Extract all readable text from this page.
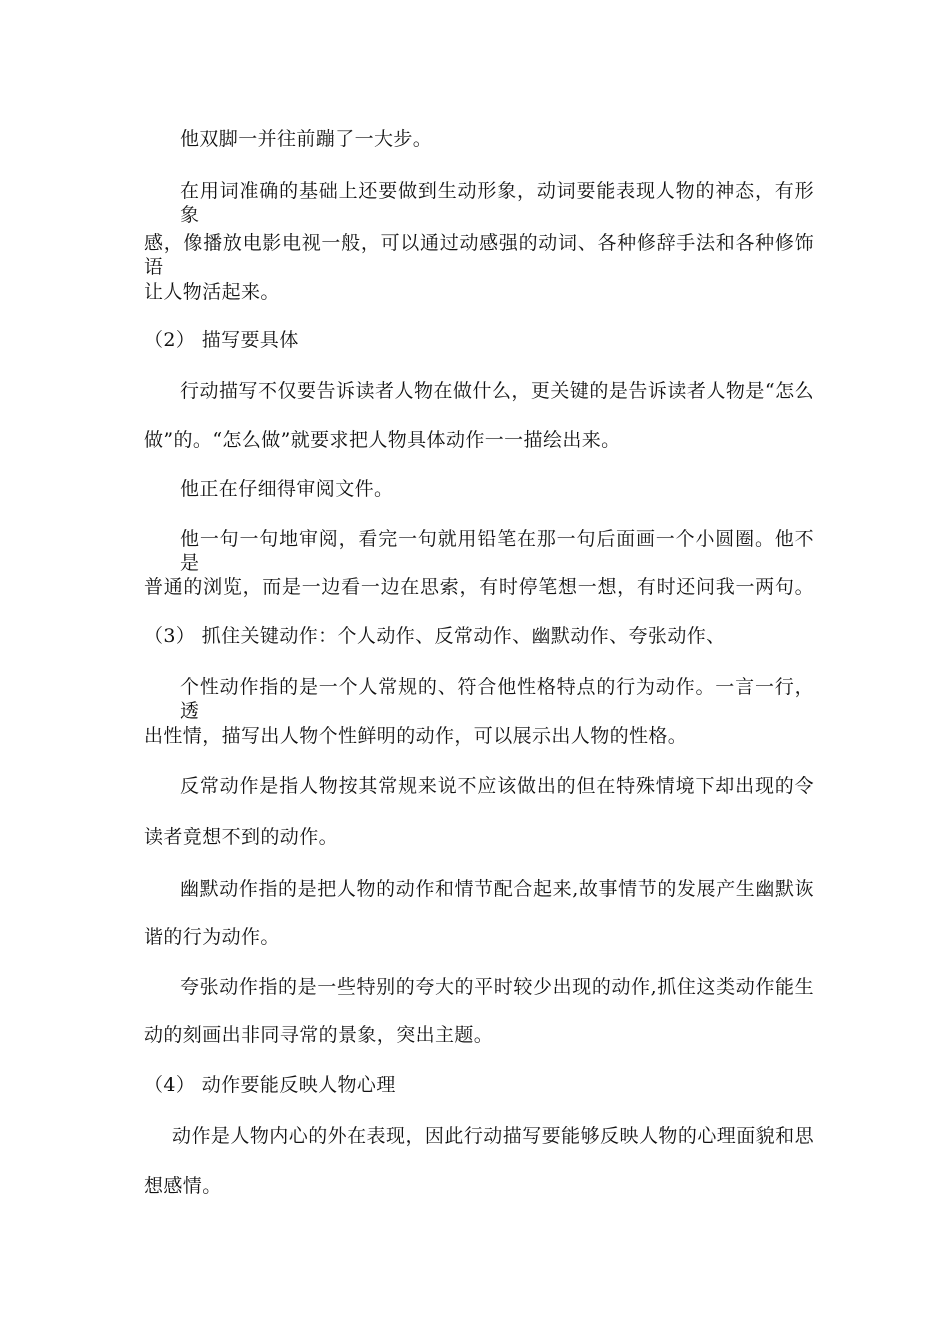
他双脚一并往前蹦了一大步。
在用词准确的基础上还要做到生动形象，动词要能表现人物的神态，有形象
感，像播放电影电视一般，可以通过动感强的动词、各种修辞手法和各种修饰语
让人物活起来。
（2） 描写要具体
行动描写不仅要告诉读者人物在做什么，更关键的是告诉读者人物是“怎么
做”的。“怎么做”就要求把人物具体动作一一描绘出来。
他正在仔细得审阅文件。
他一句一句地审阅，看完一句就用铅笔在那一句后面画一个小圆圈。他不是
普通的浏览，而是一边看一边在思索，有时停笔想一想，有时还问我一两句。
（3） 抓住关键动作：个人动作、反常动作、幽默动作、夸张动作、
个性动作指的是一个人常规的、符合他性格特点的行为动作。一言一行，透
出性情，描写出人物个性鲜明的动作，可以展示出人物的性格。
反常动作是指人物按其常规来说不应该做出的但在特殊情境下却出现的令
读者竟想不到的动作。
幽默动作指的是把人物的动作和情节配合起来,故事情节的发展产生幽默诙
谐的行为动作。
夸张动作指的是一些特别的夸大的平时较少出现的动作,抓住这类动作能生
动的刻画出非同寻常的景象，突出主题。
（4） 动作要能反映人物心理
动作是人物内心的外在表现，因此行动描写要能够反映人物的心理面貌和思
想感情。
